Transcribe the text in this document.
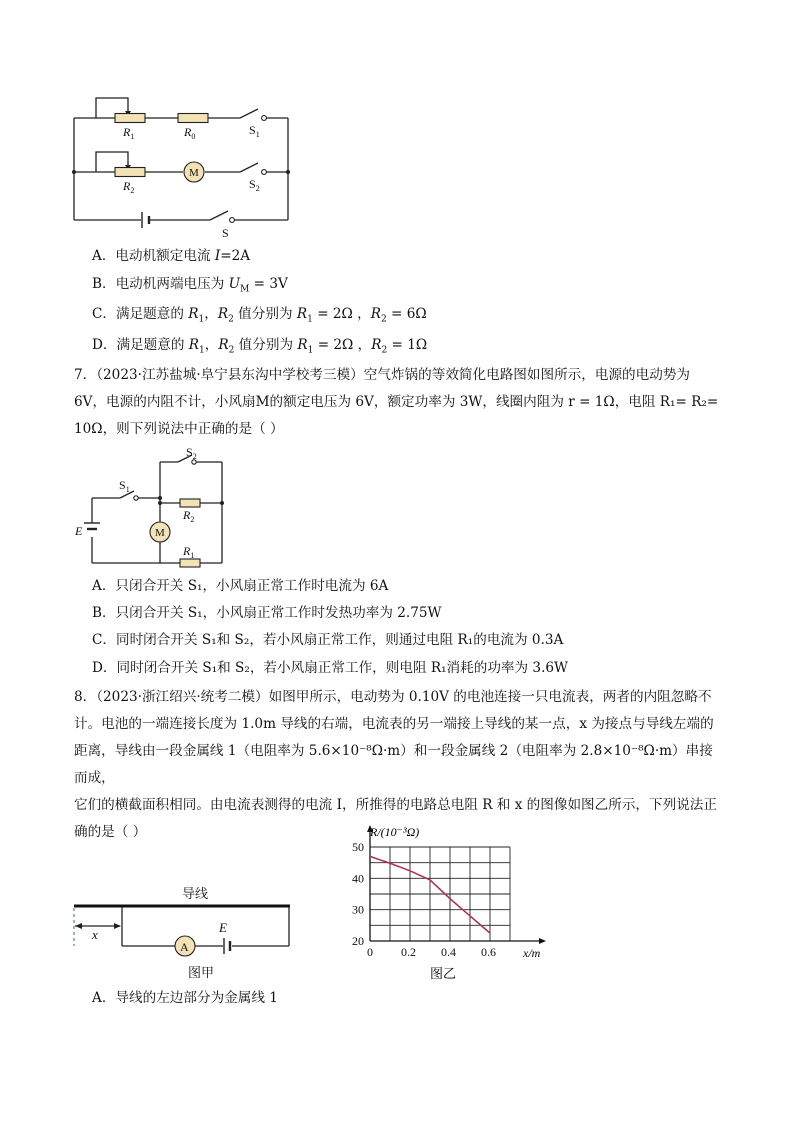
$R_1$	$R_0$	$S_1$
$R_2$
M
$S_2$
S
A．电动机额定电流 I=2A
B．电动机两端电压为 $U_M = 3V$
C．满足题意的 $R_1$，$R_2$ 值分别为 $R_1 = 2\Omega$ ，$R_2 = 6\Omega$
D．满足题意的 $R_1$，$R_2$ 值分别为 $R_1 = 2\Omega$ ，$R_2 = 1\Omega$
7．（2023·江苏盐城·阜宁县东沟中学校考三模）空气炸锅的等效简化电路图如图所示，电源的电动势为
6V，电源的内阻不计，小风扇M的额定电压为 6V，额定功率为 3W，线圈内阻为 r = 1Ω，电阻 R₁= R₂=
10Ω，则下列说法中正确的是（ ）
$S_2$
$S_1$
$R_2$
E	M
$R_1$
A．只闭合开关 S₁，小风扇正常工作时电流为 6A
B．只闭合开关 S₁，小风扇正常工作时发热功率为 2.75W
C．同时闭合开关 S₁和 S₂，若小风扇正常工作，则通过电阻 R₁的电流为 0.3A
D．同时闭合开关 S₁和 S₂，若小风扇正常工作，则电阻 R₁消耗的功率为 3.6W
8．（2023·浙江绍兴·统考二模）如图甲所示，电动势为 0.10V 的电池连接一只电流表，两者的内阻忽略不
计。电池的一端连接长度为 1.0m 导线的右端，电流表的另一端接上导线的某一点，x 为接点与导线左端的
距离，导线由一段金属线 1（电阻率为 5.6×10⁻⁸Ω·m）和一段金属线 2（电阻率为 2.8×10⁻⁸Ω·m）串接而成，
它们的横截面积相同。由电流表测得的电流 I，所推得的电路总电阻 R 和 x 的图像如图乙所示，下列说法正
确的是（ ）
导线
x
A
E
图甲
0 0.2 0.4 0.6
20
30
40
50
R/(10⁻³Ω)
x/m
图乙
A．导线的左边部分为金属线 1
